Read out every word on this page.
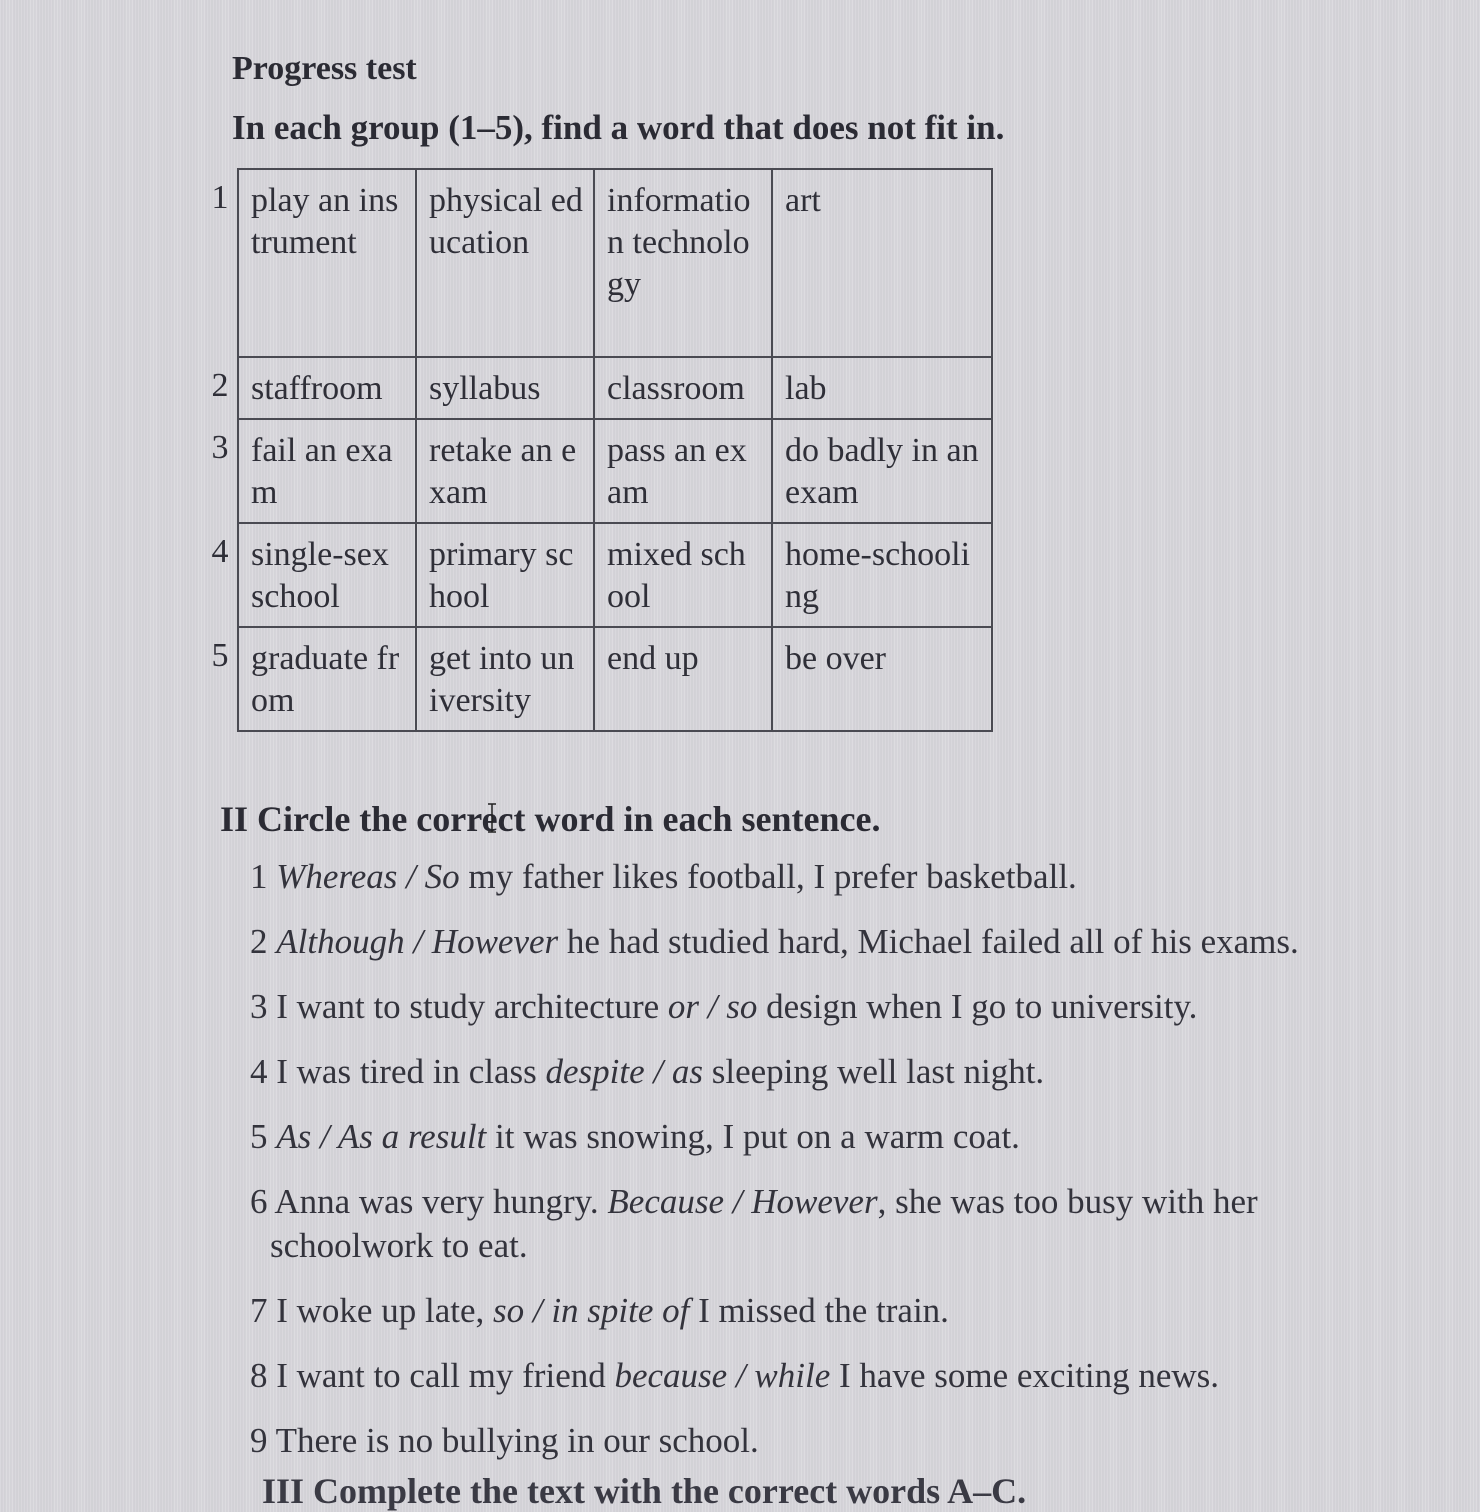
Progress test
In each group (1–5), find a word that does not fit in.
1	play an instrument	physical education	information technology	art
2	staffroom	syllabus	classroom	lab
3	fail an exam	retake an exam	pass an exam	do badly in an exam
4	single-sex school	primary school	mixed school	home-schooling
5	graduate from	get into university	end up	be over
II Circle the correct word in each sentence.
1 Whereas / So my father likes football, I prefer basketball.
2 Although / However he had studied hard, Michael failed all of his exams.
3 I want to study architecture or / so design when I go to university.
4 I was tired in class despite / as sleeping well last night.
5 As / As a result it was snowing, I put on a warm coat.
6 Anna was very hungry. Because / However, she was too busy with her
schoolwork to eat.
7 I woke up late, so / in spite of I missed the train.
8 I want to call my friend because / while I have some exciting news.
9 There is no bullying in our school.
III Complete the text with the correct words A–C.
